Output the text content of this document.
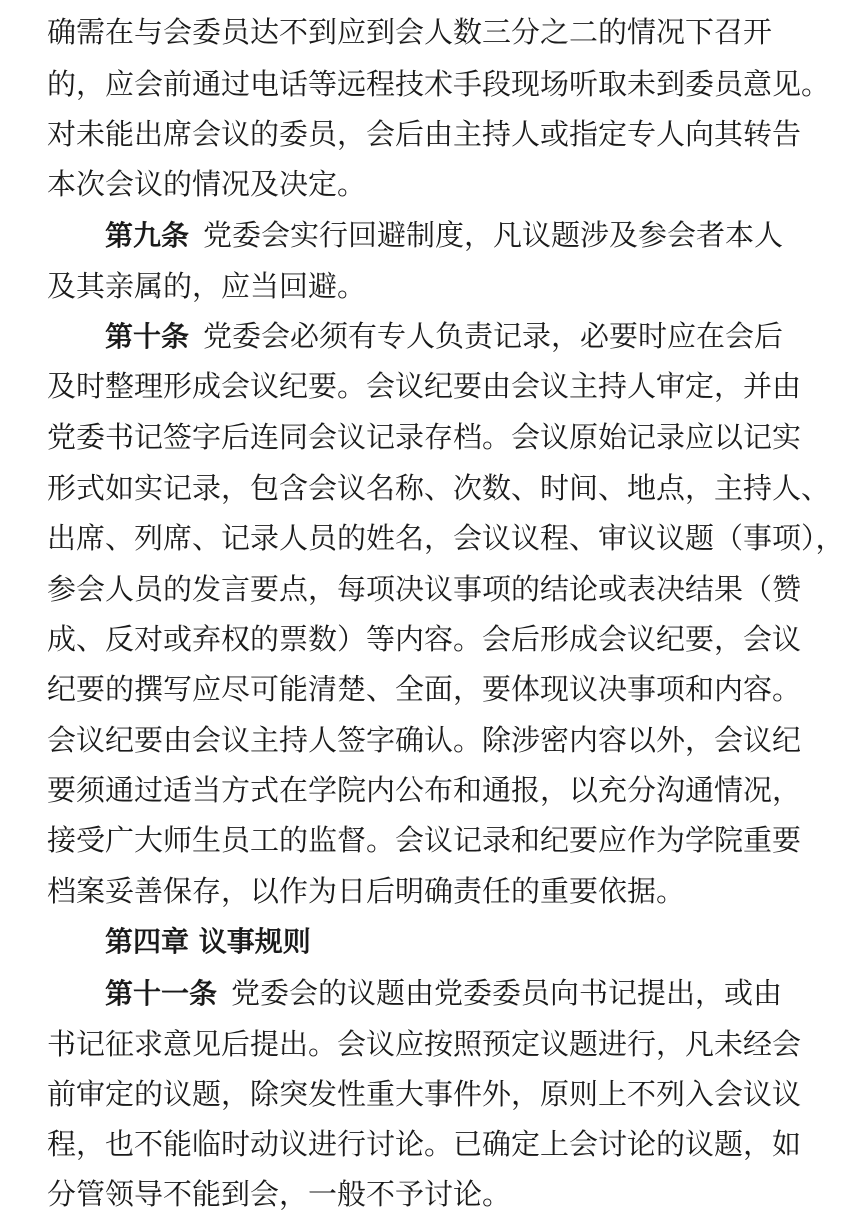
确需在与会委员达不到应到会人数三分之二的情况下召开
的，应会前通过电话等远程技术手段现场听取未到委员意见。
对未能出席会议的委员，会后由主持人或指定专人向其转告
本次会议的情况及决定。
第九条 党委会实行回避制度，凡议题涉及参会者本人
及其亲属的，应当回避。
第十条 党委会必须有专人负责记录，必要时应在会后
及时整理形成会议纪要。会议纪要由会议主持人审定，并由
党委书记签字后连同会议记录存档。会议原始记录应以记实
形式如实记录，包含会议名称、次数、时间、地点，主持人、
出席、列席、记录人员的姓名，会议议程、审议议题（事项），
参会人员的发言要点，每项决议事项的结论或表决结果（赞
成、反对或弃权的票数）等内容。会后形成会议纪要，会议
纪要的撰写应尽可能清楚、全面，要体现议决事项和内容。
会议纪要由会议主持人签字确认。除涉密内容以外，会议纪
要须通过适当方式在学院内公布和通报，以充分沟通情况，
接受广大师生员工的监督。会议记录和纪要应作为学院重要
档案妥善保存，以作为日后明确责任的重要依据。
第四章 议事规则
第十一条 党委会的议题由党委委员向书记提出，或由
书记征求意见后提出。会议应按照预定议题进行，凡未经会
前审定的议题，除突发性重大事件外，原则上不列入会议议
程，也不能临时动议进行讨论。已确定上会讨论的议题，如
分管领导不能到会，一般不予讨论。
